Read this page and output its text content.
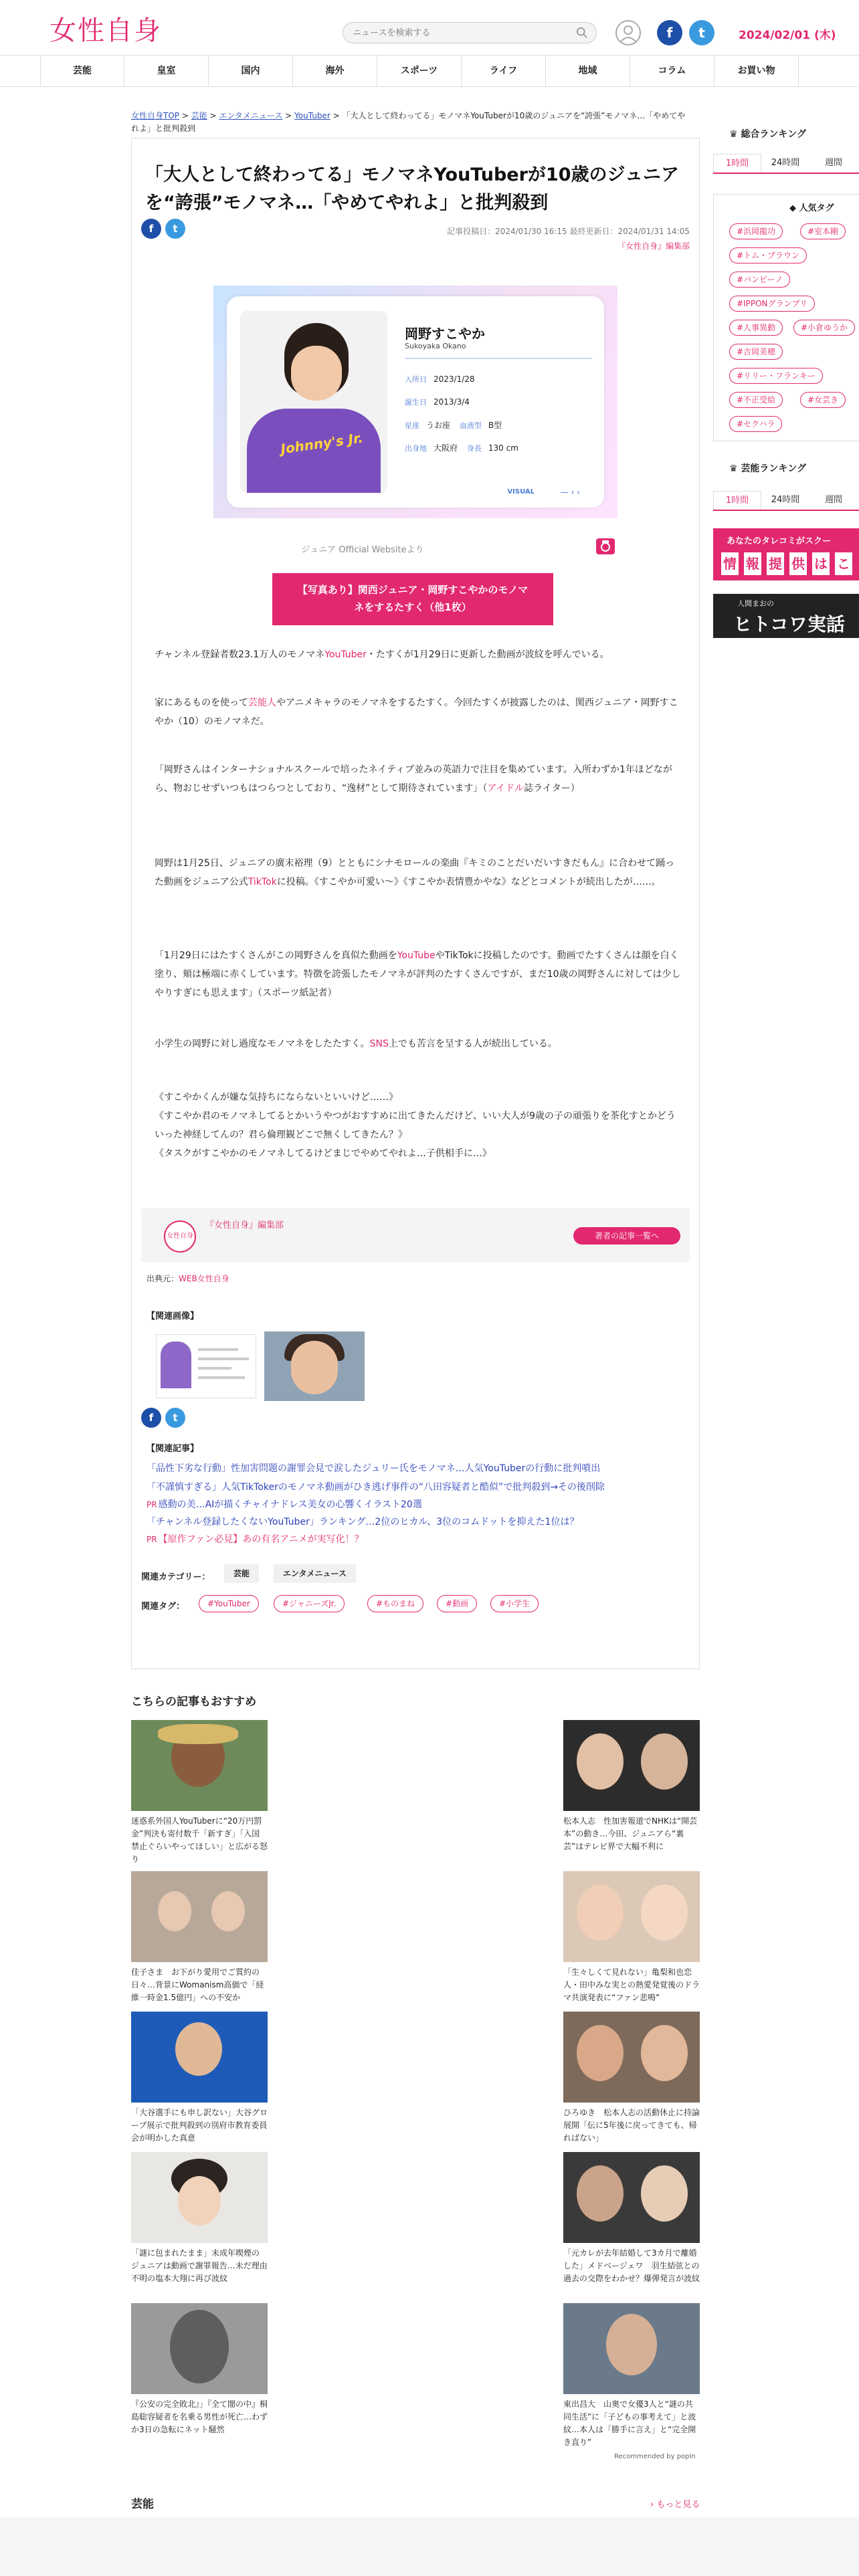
女性自身
ニュースを検索する	f	t	2024/02/01 (木)
芸能	皇室	国内	海外	スポーツ	ライフ	地域	コラム	お買い物
女性自身TOP > 芸能 > エンタメニュース > YouTuber > 「大人として終わってる」モノマネYouTuberが10歳のジュニアを“誇張”モノマネ…「やめてやれよ」と批判殺到
「大人として終わってる」モノマネYouTuberが10歳のジュニアを“誇張”モノマネ…「やめてやれよ」と批判殺到
f	t	記事投稿日：2024/01/30 16:15 最終更新日：2024/01/31 14:05
『女性自身』編集部
Johnny's Jr.
岡野すこやか
Sukoyaka Okano
入所日 2023/1/28
誕生日 2013/3/4
星座 うお座 血液型 B型
出身地 大阪府 身長 130 cm
VISUAL	— ‹ ›
ジュニア Official Websiteより
【写真あり】関西ジュニア・岡野すこやかのモノマ
ネをするたすく（他1枚）

チャンネル登録者数23.1万人のモノマネYouTuber・たすくが1月29日に更新した動画が波紋を呼んでいる。

家にあるものを使って芸能人やアニメキャラのモノマネをするたすく。今回たすくが披露したのは、関西ジュニア・岡野すこやか（10）のモノマネだ。

「岡野さんはインターナショナルスクールで培ったネイティブ並みの英語力で注目を集めています。入所わずか1年ほどながら、物おじせずいつもはつらつとしており、“逸材”として期待されています」（アイドル誌ライター）

岡野は1月25日、ジュニアの廣末裕理（9）とともにシナモロールの楽曲『キミのことだいだいすきだもん』に合わせて踊った動画をジュニア公式TikTokに投稿。《すこやか可愛い〜》《すこやか表情豊かやな》などとコメントが続出したが……。

「1月29日にはたすくさんがこの岡野さんを真似た動画をYouTubeやTikTokに投稿したのです。動画でたすくさんは顔を白く塗り、頬は極端に赤くしています。特徴を誇張したモノマネが評判のたすくさんですが、まだ10歳の岡野さんに対しては少しやりすぎにも思えます」（スポーツ紙記者）

小学生の岡野に対し過度なモノマネをしたたすく。SNS上でも苦言を呈する人が続出している。

《すこやかくんが嫌な気持ちにならないといいけど……》
《すこやか君のモノマネしてるとかいうやつがおすすめに出てきたんだけど、いい大人が9歳の子の頑張りを茶化すとかどういった神経してんの？君ら倫理観どこで無くしてきたん？》
《タスクがすこやかのモノマネしてるけどまじでやめてやれよ…子供相手に…》

女性自身
『女性自身』編集部
著者の記事一覧へ
出典元：WEB女性自身
【関連画像】
f	t
【関連記事】
「品性下劣な行動」性加害問題の謝罪会見で涙したジュリー氏をモノマネ…人気YouTuberの行動に批判噴出
「不謹慎すぎる」人気TikTokerのモノマネ動画がひき逃げ事件の“八田容疑者と酷似”で批判殺到→その後削除
PR 感動の美…AIが描くチャイナドレス美女の心響くイラスト20選
「チャンネル登録したくないYouTuber」ランキング…2位のヒカル、3位のコムドットを抑えた1位は？
PR 【原作ファン必見】あの有名アニメが実写化！？
関連カテゴリー：	芸能	エンタメニュース
関連タグ：	#YouTuber	#ジャニーズJr.	#ものまね	#動画	#小学生
♛ 総合ランキング
1時間	24時間	週間
◆ 人気タグ
#浜岡龍功	#室本剛
#トム・ブラウン
#バンビーノ
#IPPONグランプリ
#人事異動	#小倉ゆうか
#吉岡美穂
#リリー・フランキー
#不正受給	#女芸き
#セクハラ
♛ 芸能ランキング
1時間	24時間	週間
あなたのタレコミがスクー
情 報 提 供 は こ
人間まおの
ヒトコワ実話
こちらの記事もおすすめ
迷惑系外国人YouTuberに“20万円罰金”判決も寄付数千「新すぎ」「入国禁止ぐらいやってほしい」と広がる怒り
佳子さま　お下がり愛用でご質約の日々…背景にWomanism高価で「経維一時金1.5億円」への不安か
「大谷選手にも申し訳ない」大谷グローブ展示で批判殺到の別府市教育委員会が明かした真意
「謎に包まれたまま」未成年喫煙のジュニアは動画で謝罪報告…未だ理由不明の塩本大翔に再び波紋
『公安の完全敗北』」『全て闇の中』桐島聡容疑者を名乗る男性が死亡…わずか3日の急転にネット騒然
松本人志　性加害報道でNHKは“開芸本”の動き…今田、ジュニアら“裏芸”はテレビ界で大幅不利に
「生々しくて見れない」亀梨和也恋人・田中みな実との熱愛発覚後のドラマ共演発表に“ファン悲鳴”
ひろゆき　松本人志の活動休止に持論展開「伝に5年後に戻ってきても、帰ればない」
「元カレが去年結婚して3カ月で離婚した」メドベージェワ　羽生結弦との過去の交際をわかせ？爆弾発言が波紋
東出昌大　山奥で女優3人と“謎の共同生活”に「子どもの事考えて」と波紋…本人は「勝手に言え」と“完全開き直り”
Recommended by popIn
芸能	› もっと見る
